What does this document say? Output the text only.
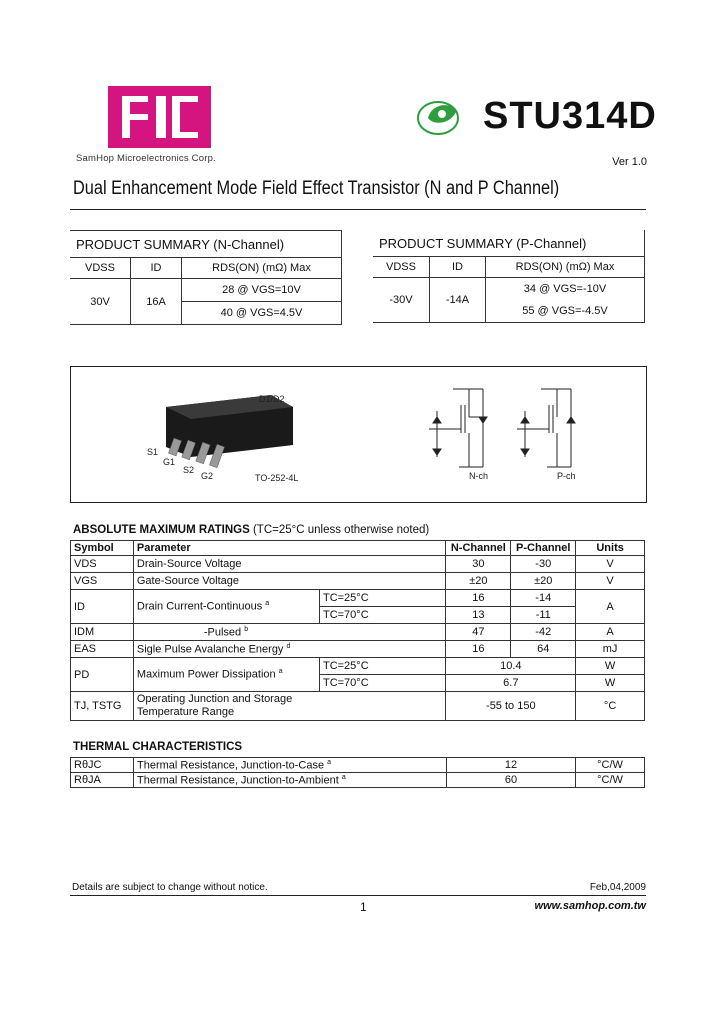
SamHop Microelectronics Corp.
STU314D
Ver 1.0
Dual Enhancement Mode Field Effect Transistor (N and P Channel)
PRODUCT SUMMARY (N-Channel)		
VDSS	ID	RDS(ON) (mΩ) Max
30V	16A	28 @ VGS=10V
		40 @ VGS=4.5V
PRODUCT SUMMARY (P-Channel)		
VDSS	ID	RDS(ON) (mΩ) Max
-30V	-14A	34 @ VGS=-10V
		55 @ VGS=-4.5V
D1/D2
S1
G1
S2
G2	TO-252-4L	N-ch	P-ch
ABSOLUTE MAXIMUM RATINGS (TC=25°C unless otherwise noted)
Symbol	Parameter		N-Channel	P-Channel	Units
VDS	Drain-Source Voltage		30	-30	V
VGS	Gate-Source Voltage		±20	±20	V
ID	Drain Current-Continuous $^a$	TC=25°C	16	-14	A
		TC=70°C	13	-11	
IDM	-Pulsed $^b$		47	-42	A
EAS	Sigle Pulse Avalanche Energy $^d$		16	64	mJ
PD	Maximum Power Dissipation $^a$	TC=25°C	10.4		W
		TC=70°C	6.7		W
TJ, TSTG	Operating Junction and Storage
Temperature Range		-55 to 150		°C
THERMAL CHARACTERISTICS
RθJC	Thermal Resistance, Junction-to-Case $^a$	12	°C/W
RθJA	Thermal Resistance, Junction-to-Ambient $^a$	60	°C/W
Details are subject to change without notice.	Feb,04,2009
1	www.samhop.com.tw
